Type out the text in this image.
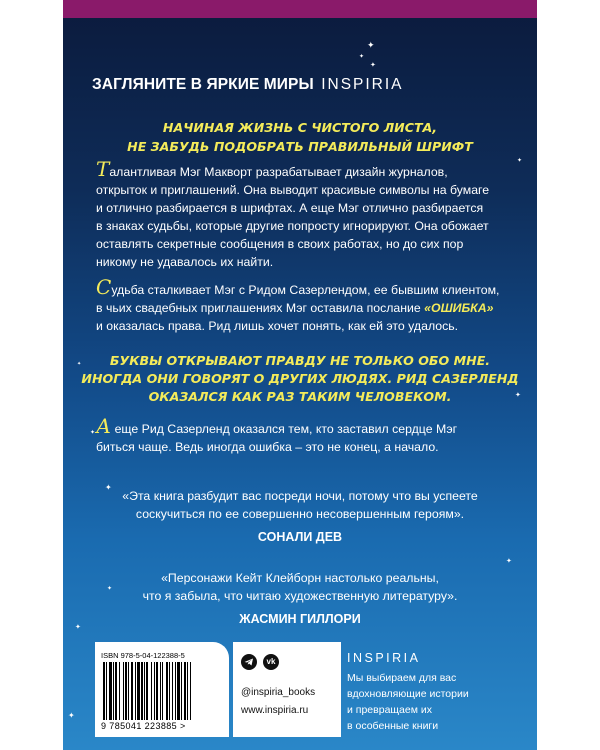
✦
✦
✦
✦
✦
✦
✦
✦
✦
✦
✦
✦
ЗАГЛЯНИТЕ В ЯРКИЕ МИРЫ INSPIRIA
НАЧИНАЯ ЖИЗНЬ С ЧИСТОГО ЛИСТА,
НЕ ЗАБУДЬ ПОДОБРАТЬ ПРАВИЛЬНЫЙ ШРИФТ
Талантливая Мэг Макворт разрабатывает дизайн журналов,
открыток и приглашений. Она выводит красивые символы на бумаге
и отлично разбирается в шрифтах. А еще Мэг отлично разбирается
в знаках судьбы, которые другие попросту игнорируют. Она обожает
оставлять секретные сообщения в своих работах, но до сих пор
никому не удавалось их найти.
Судьба сталкивает Мэг с Ридом Сазерлендом, ее бывшим клиентом,
в чьих свадебных приглашениях Мэг оставила послание «ОШИБКА»
и оказалась права. Рид лишь хочет понять, как ей это удалось.
БУКВЫ ОТКРЫВАЮТ ПРАВДУ НЕ ТОЛЬКО ОБО МНЕ.
ИНОГДА ОНИ ГОВОРЯТ О ДРУГИХ ЛЮДЯХ. РИД САЗЕРЛЕНД
ОКАЗАЛСЯ КАК РАЗ ТАКИМ ЧЕЛОВЕКОМ.
А еще Рид Сазерленд оказался тем, кто заставил сердце Мэг
биться чаще. Ведь иногда ошибка – это не конец, а начало.
«Эта книга разбудит вас посреди ночи, потому что вы успеете
соскучиться по ее совершенно несовершенным героям».
СОНАЛИ ДЕВ
«Персонажи Кейт Клейборн настолько реальны,
что я забыла, что читаю художественную литературу».
ЖАСМИН ГИЛЛОРИ
ISBN 978-5-04-122388-5
9 785041 223885 >
vk
@inspiria_books
www.inspiria.ru
INSPIRIA
Мы выбираем для вас
вдохновляющие истории
и превращаем их
в особенные книги
